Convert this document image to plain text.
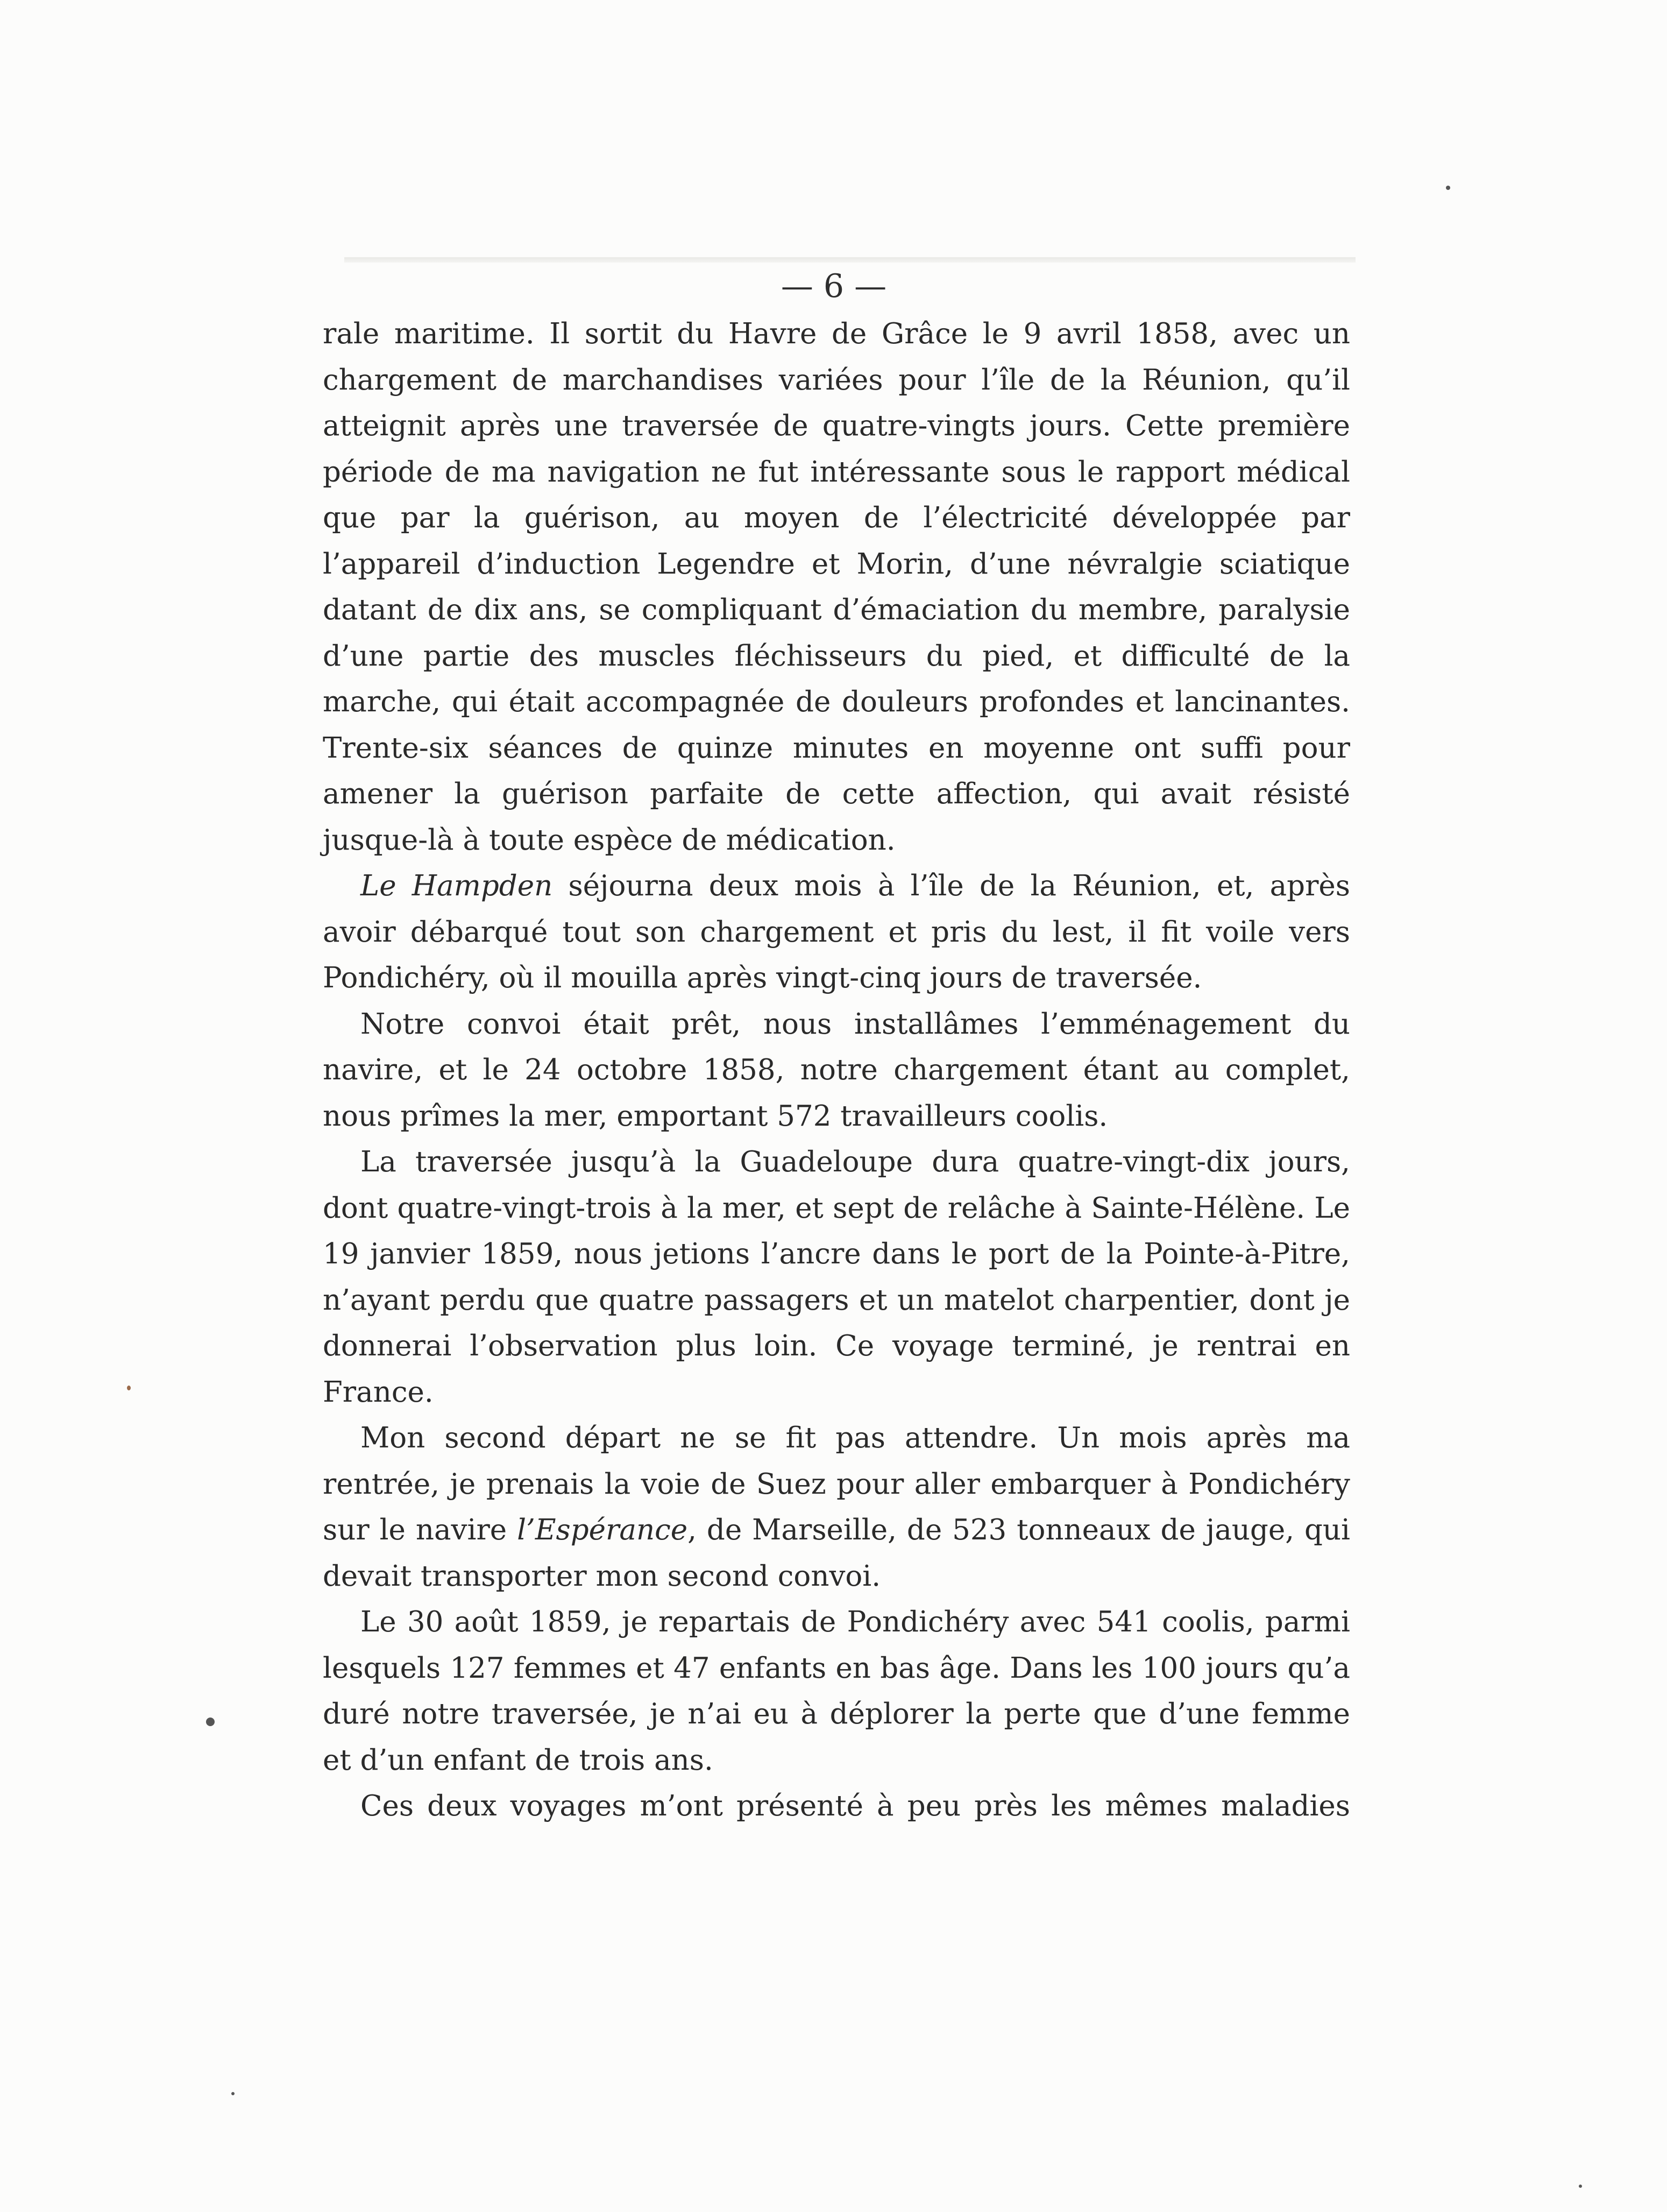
— 6 —

rale maritime. Il sortit du Havre de Grâce le 9 avril 1858, avec un chargement de marchandises variées pour l’île de la Réunion, qu’il atteignit après une traversée de quatre-vingts jours. Cette première période de ma navigation ne fut intéressante sous le rapport médical que par la guérison, au moyen de l’électricité développée par l’appareil d’induction Legendre et Morin, d’une névralgie sciatique datant de dix ans, se compliquant d’émaciation du membre, paralysie d’une partie des muscles fléchisseurs du pied, et difficulté de la marche, qui était accompagnée de douleurs profondes et lancinantes. Trente-six séances de quinze minutes en moyenne ont suffi pour amener la guérison parfaite de cette affection, qui avait résisté jusque-là à toute espèce de médication.

Le Hampden séjourna deux mois à l’île de la Réunion, et, après avoir débarqué tout son chargement et pris du lest, il fit voile vers Pondichéry, où il mouilla après vingt-cinq jours de traversée.

Notre convoi était prêt, nous installâmes l’emménagement du navire, et le 24 octobre 1858, notre chargement étant au complet, nous prîmes la mer, emportant 572 travailleurs coolis.

La traversée jusqu’à la Guadeloupe dura quatre-vingt-dix jours, dont quatre-vingt-trois à la mer, et sept de relâche à Sainte-Hélène. Le 19 janvier 1859, nous jetions l’ancre dans le port de la Pointe-à-Pitre, n’ayant perdu que quatre passagers et un matelot charpentier, dont je donnerai l’observation plus loin. Ce voyage terminé, je rentrai en France.

Mon second départ ne se fit pas attendre. Un mois après ma rentrée, je prenais la voie de Suez pour aller embarquer à Pondichéry sur le navire l’Espérance, de Marseille, de 523 tonneaux de jauge, qui devait transporter mon second convoi.

Le 30 août 1859, je repartais de Pondichéry avec 541 coolis, parmi lesquels 127 femmes et 47 enfants en bas âge. Dans les 100 jours qu’a duré notre traversée, je n’ai eu à déplorer la perte que d’une femme et d’un enfant de trois ans.

Ces deux voyages m’ont présenté à peu près les mêmes maladies
